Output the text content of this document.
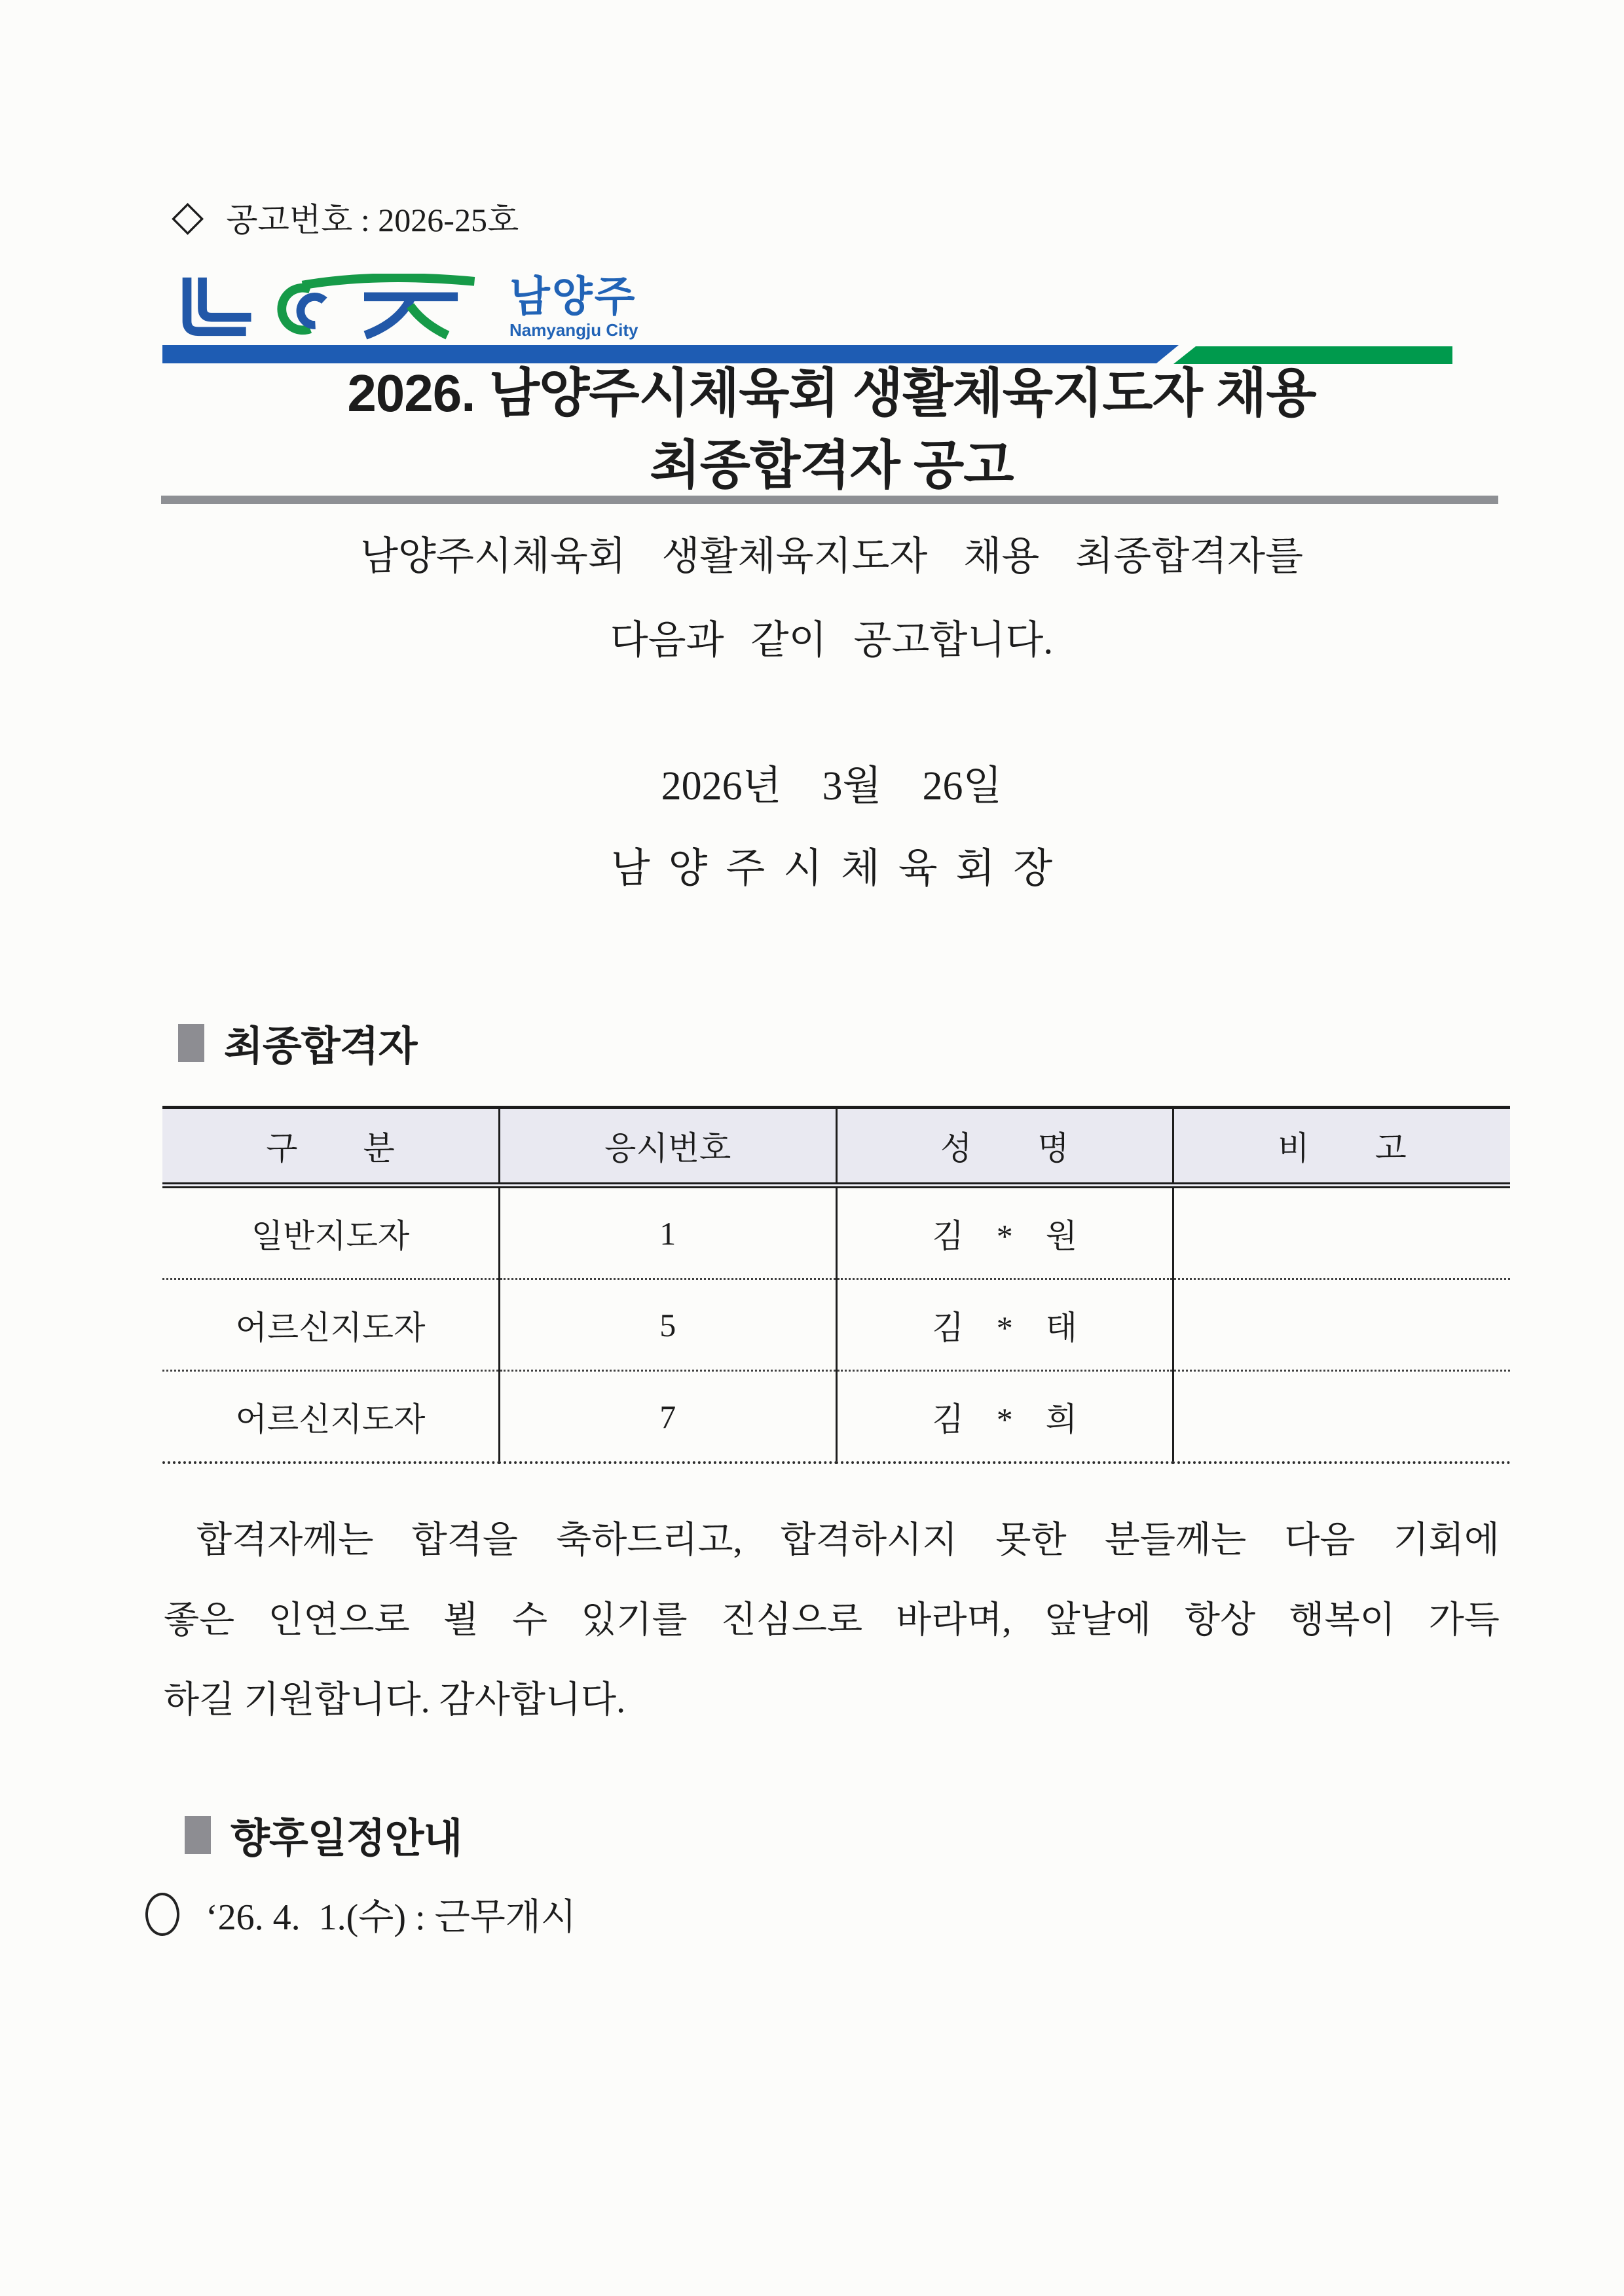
◇ 공고번호 : 2026-25호
남양주
Namyangju City
2026. 남양주시체육회 생활체육지도자 채용
최종합격자 공고
남양주시체육회 생활체육지도자 채용 최종합격자를
다음과 같이 공고합니다.
2026년　3월　26일
남양주시체육회장
최종합격자
구　　분	응시번호	성　　명	비　　고
일반지도자	1	김　*　원	
어르신지도자	5	김　*　태	
어르신지도자	7	김　*　희	
합격자께는 합격을 축하드리고, 합격하시지 못한 분들께는 다음 기회에
좋은 인연으로 뵐 수 있기를 진심으로 바라며, 앞날에 항상 행복이 가득
하길 기원합니다. 감사합니다.
향후일정안내
‘26. 4.  1.(수) : 근무개시
